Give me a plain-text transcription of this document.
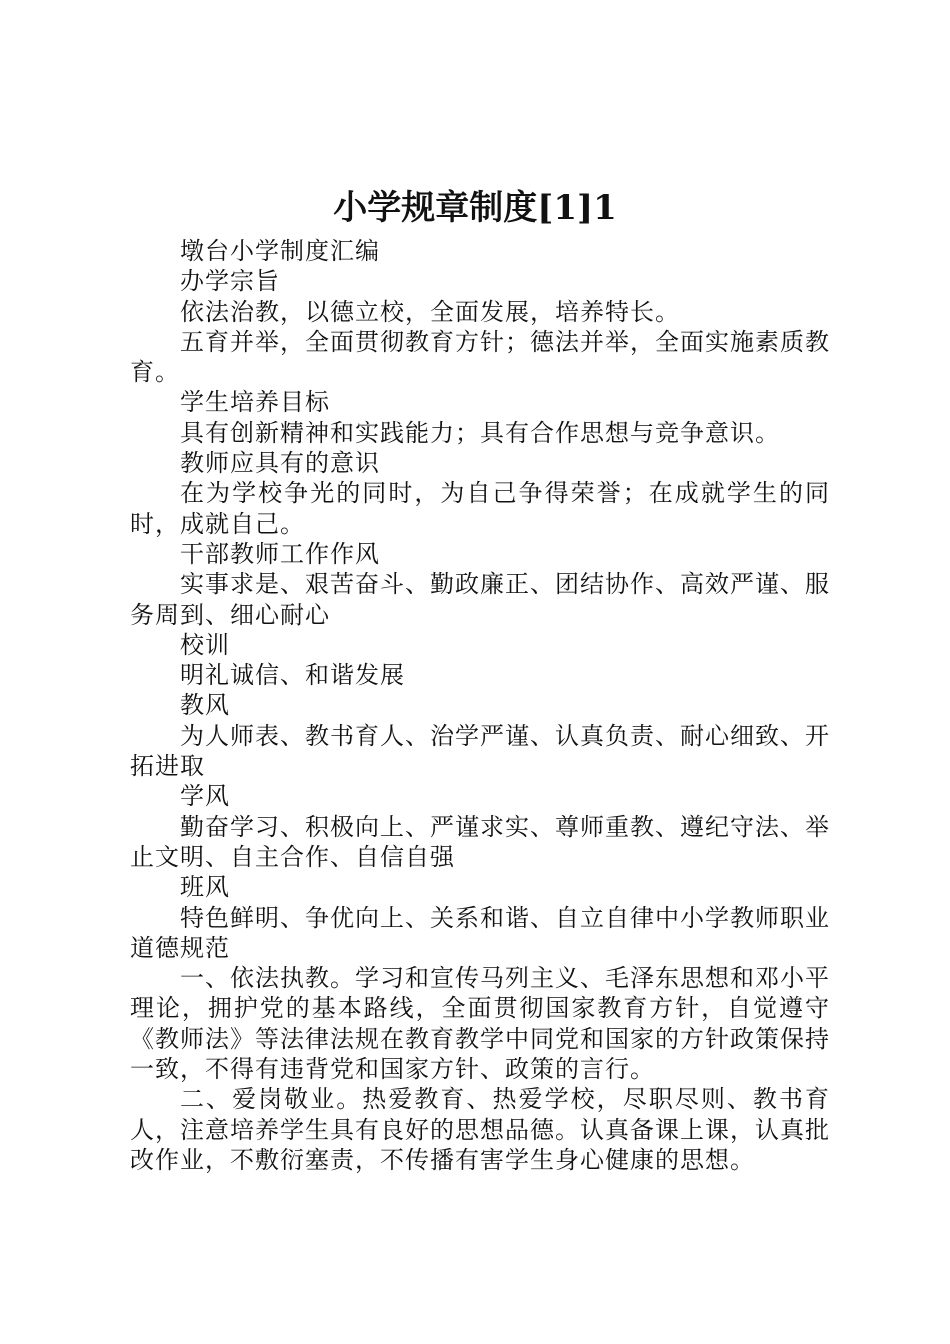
小学规章制度[1]1

墩台小学制度汇编

办学宗旨

依法治教，以德立校，全面发展，培养特长。

五育并举，全面贯彻教育方针；德法并举，全面实施素质教育。

学生培养目标

具有创新精神和实践能力；具有合作思想与竞争意识。

教师应具有的意识

在为学校争光的同时，为自己争得荣誉；在成就学生的同时，成就自己。

干部教师工作作风

实事求是、艰苦奋斗、勤政廉正、团结协作、高效严谨、服务周到、细心耐心

校训

明礼诚信、和谐发展

教风

为人师表、教书育人、治学严谨、认真负责、耐心细致、开拓进取

学风

勤奋学习、积极向上、严谨求实、尊师重教、遵纪守法、举止文明、自主合作、自信自强

班风

特色鲜明、争优向上、关系和谐、自立自律中小学教师职业道德规范

一、依法执教。学习和宣传马列主义、毛泽东思想和邓小平理论，拥护党的基本路线，全面贯彻国家教育方针，自觉遵守《教师法》等法律法规在教育教学中同党和国家的方针政策保持一致，不得有违背党和国家方针、政策的言行。

二、爱岗敬业。热爱教育、热爱学校，尽职尽则、教书育人，注意培养学生具有良好的思想品德。认真备课上课，认真批改作业，不敷衍塞责，不传播有害学生身心健康的思想。
